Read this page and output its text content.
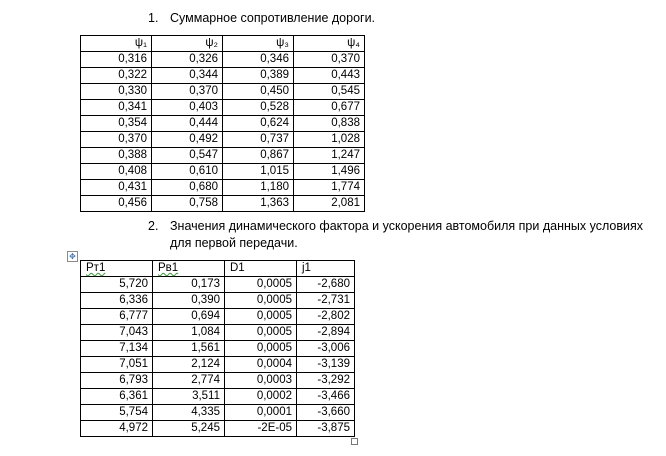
1. Суммарное сопротивление дороги.
ψ₁	ψ₂	ψ₃	ψ₄
0,316	0,326	0,346	0,370
0,322	0,344	0,389	0,443
0,330	0,370	0,450	0,545
0,341	0,403	0,528	0,677
0,354	0,444	0,624	0,838
0,370	0,492	0,737	1,028
0,388	0,547	0,867	1,247
0,408	0,610	1,015	1,496
0,431	0,680	1,180	1,774
0,456	0,758	1,363	2,081
2. Значения динамического фактора и ускорения автомобиля при данных условиях
для первой передачи.
✥
Рт1	Рв1	D1	j1
5,720	0,173	0,0005	-2,680
6,336	0,390	0,0005	-2,731
6,777	0,694	0,0005	-2,802
7,043	1,084	0,0005	-2,894
7,134	1,561	0,0005	-3,006
7,051	2,124	0,0004	-3,139
6,793	2,774	0,0003	-3,292
6,361	3,511	0,0002	-3,466
5,754	4,335	0,0001	-3,660
4,972	5,245	-2E-05	-3,875
